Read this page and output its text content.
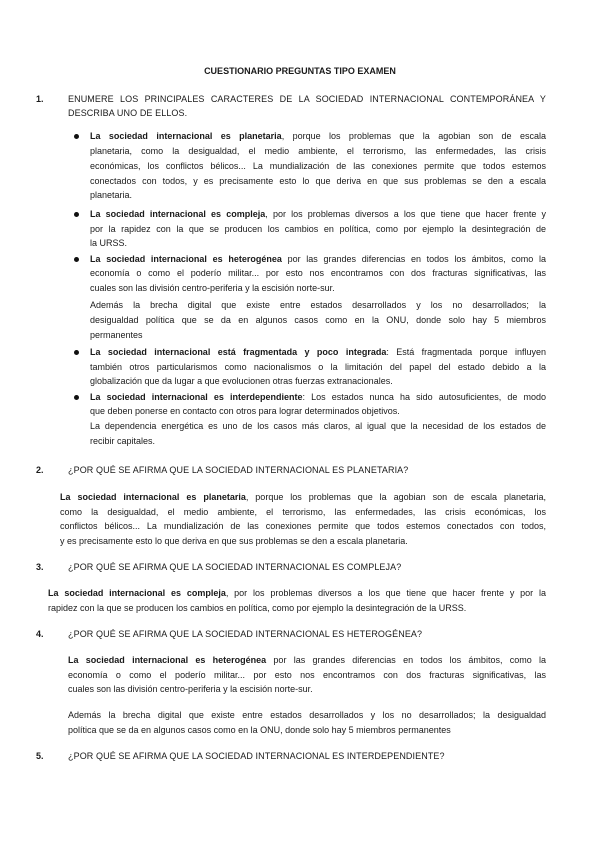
CUESTIONARIO PREGUNTAS TIPO EXAMEN
1.	ENUMERE LOS PRINCIPALES CARACTERES DE LA SOCIEDAD INTERNACIONAL CONTEMPORÁNEA Y
DESCRIBA UNO DE ELLOS.
La sociedad internacional es planetaria, porque los problemas que la agobian son de escala
planetaria, como la desigualdad, el medio ambiente, el terrorismo, las enfermedades, las crisis
económicas, los conflictos bélicos... La mundialización de las conexiones permite que todos estemos
conectados con todos, y es precisamente esto lo que deriva en que sus problemas se den a escala
planetaria.
La sociedad internacional es compleja, por los problemas diversos a los que tiene que hacer frente y
por la rapidez con la que se producen los cambios en política, como por ejemplo la desintegración de
la URSS.
La sociedad internacional es heterogénea por las grandes diferencias en todos los ámbitos, como la
economía o como el poderío militar... por esto nos encontramos con dos fracturas significativas, las
cuales son las división centro-periferia y la escisión norte-sur.
Además la brecha digital que existe entre estados desarrollados y los no desarrollados; la
desigualdad política que se da en algunos casos como en la ONU, donde solo hay 5 miembros
permanentes
La sociedad internacional está fragmentada y poco integrada: Está fragmentada porque influyen
también otros particularismos como nacionalismos o la limitación del papel del estado debido a la
globalización que da lugar a que evolucionen otras fuerzas extranacionales.
La sociedad internacional es interdependiente: Los estados nunca ha sido autosuficientes, de modo
que deben ponerse en contacto con otros para lograr determinados objetivos.
La dependencia energética es uno de los casos más claros, al igual que la necesidad de los estados de
recibir capitales.
2.	¿POR QUÉ SE AFIRMA QUE LA SOCIEDAD INTERNACIONAL ES PLANETARIA?
La sociedad internacional es planetaria, porque los problemas que la agobian son de escala planetaria,
como la desigualdad, el medio ambiente, el terrorismo, las enfermedades, las crisis económicas, los
conflictos bélicos... La mundialización de las conexiones permite que todos estemos conectados con todos,
y es precisamente esto lo que deriva en que sus problemas se den a escala planetaria.
3.	¿POR QUÉ SE AFIRMA QUE LA SOCIEDAD INTERNACIONAL ES COMPLEJA?
La sociedad internacional es compleja, por los problemas diversos a los que tiene que hacer frente y por la
rapidez con la que se producen los cambios en política, como por ejemplo la desintegración de la URSS.
4.	¿POR QUÉ SE AFIRMA QUE LA SOCIEDAD INTERNACIONAL ES HETEROGÉNEA?
La sociedad internacional es heterogénea por las grandes diferencias en todos los ámbitos, como la
economía o como el poderío militar... por esto nos encontramos con dos fracturas significativas, las
cuales son las división centro-periferia y la escisión norte-sur.
Además la brecha digital que existe entre estados desarrollados y los no desarrollados; la desigualdad
política que se da en algunos casos como en la ONU, donde solo hay 5 miembros permanentes
5.	¿POR QUÉ SE AFIRMA QUE LA SOCIEDAD INTERNACIONAL ES INTERDEPENDIENTE?
